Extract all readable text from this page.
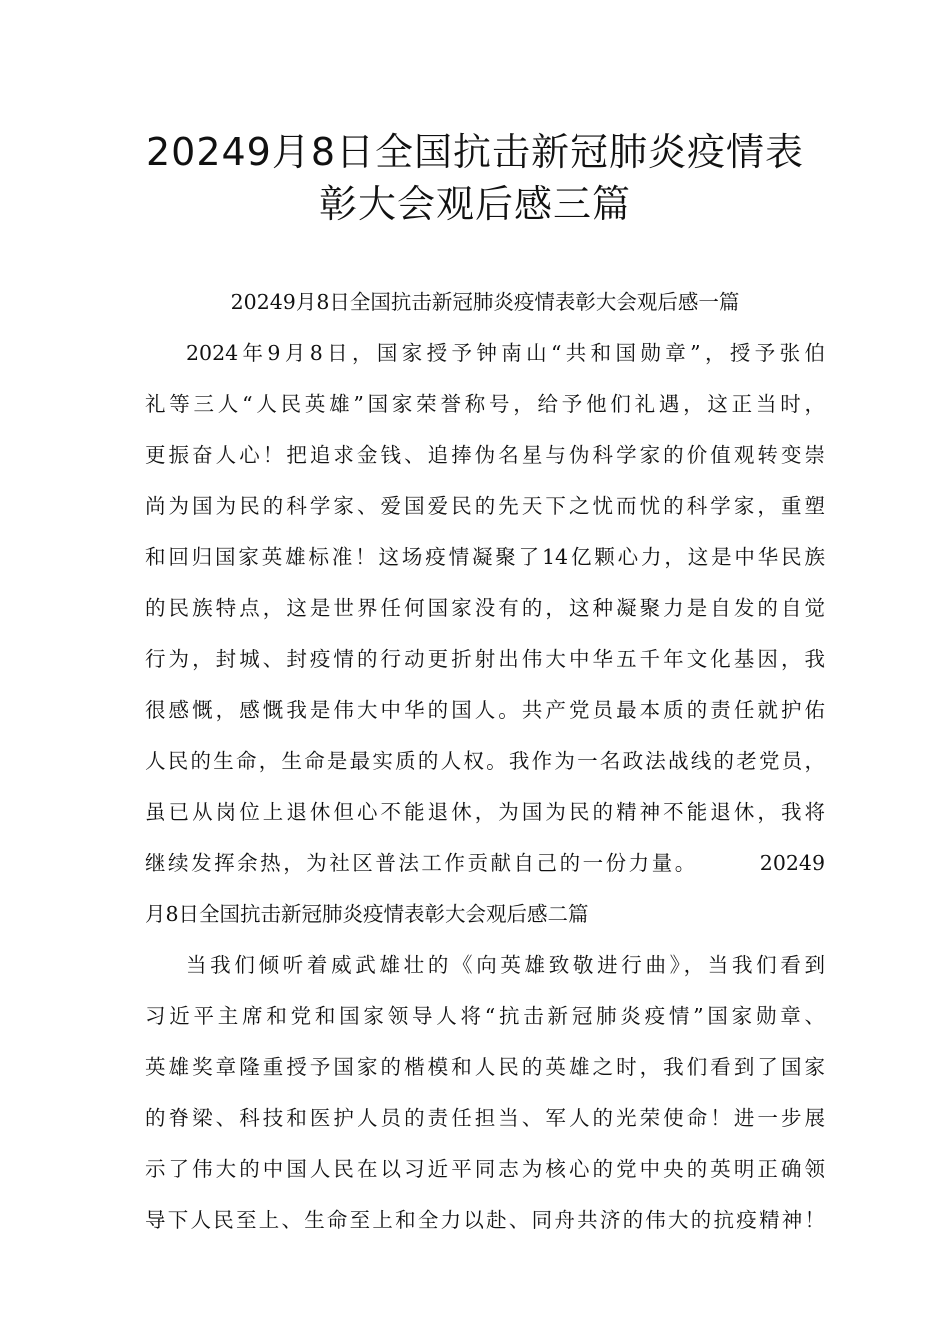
20249月8日全国抗击新冠肺炎疫情表
彰大会观后感三篇
20249月8日全国抗击新冠肺炎疫情表彰大会观后感一篇
2024年9月8日，国家授予钟南山“共和国勋章”，授予张伯
礼等三人“人民英雄”国家荣誉称号，给予他们礼遇，这正当时，
更振奋人心！把追求金钱、追捧伪名星与伪科学家的价值观转变崇
尚为国为民的科学家、爱国爱民的先天下之忧而忧的科学家，重塑
和回归国家英雄标准！这场疫情凝聚了14亿颗心力，这是中华民族
的民族特点，这是世界任何国家没有的，这种凝聚力是自发的自觉
行为，封城、封疫情的行动更折射出伟大中华五千年文化基因，我
很感慨，感慨我是伟大中华的国人。共产党员最本质的责任就护佑
人民的生命，生命是最实质的人权。我作为一名政法战线的老党员，
虽已从岗位上退休但心不能退休，为国为民的精神不能退休，我将
继续发挥余热，为社区普法工作贡献自己的一份力量。	20249
月8日全国抗击新冠肺炎疫情表彰大会观后感二篇
当我们倾听着威武雄壮的《向英雄致敬进行曲》，当我们看到
习近平主席和党和国家领导人将“抗击新冠肺炎疫情”国家勋章、
英雄奖章隆重授予国家的楷模和人民的英雄之时，我们看到了国家
的脊梁、科技和医护人员的责任担当、军人的光荣使命！进一步展
示了伟大的中国人民在以习近平同志为核心的党中央的英明正确领
导下人民至上、生命至上和全力以赴、同舟共济的伟大的抗疫精神！
